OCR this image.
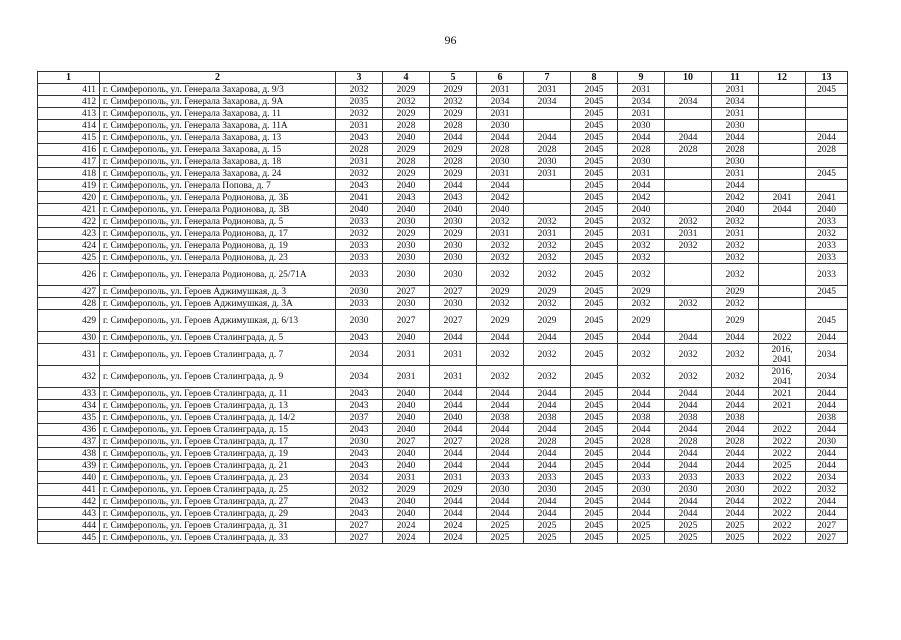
96
1	2	3	4	5	6	7	8	9	10	11	12	13
411	г. Симферополь, ул. Генерала Захарова, д. 9/3	2032	2029	2029	2031	2031	2045	2031		2031		2045
412	г. Симферополь, ул. Генерала Захарова, д. 9А	2035	2032	2032	2034	2034	2045	2034	2034	2034		
413	г. Симферополь, ул. Генерала Захарова, д. 11	2032	2029	2029	2031		2045	2031		2031		
414	г. Симферополь, ул. Генерала Захарова, д. 11А	2031	2028	2028	2030		2045	2030		2030		
415	г. Симферополь, ул. Генерала Захарова, д. 13	2043	2040	2044	2044	2044	2045	2044	2044	2044		2044
416	г. Симферополь, ул. Генерала Захарова, д. 15	2028	2029	2029	2028	2028	2045	2028	2028	2028		2028
417	г. Симферополь, ул. Генерала Захарова, д. 18	2031	2028	2028	2030	2030	2045	2030		2030		
418	г. Симферополь, ул. Генерала Захарова, д. 24	2032	2029	2029	2031	2031	2045	2031		2031		2045
419	г. Симферополь, ул. Генерала Попова, д. 7	2043	2040	2044	2044		2045	2044		2044		
420	г. Симферополь, ул. Генерала Родионова, д. 3Б	2041	2043	2043	2042		2045	2042		2042	2041	2041
421	г. Симферополь, ул. Генерала Родионова, д. 3В	2040	2040	2040	2040		2045	2040		2040	2044	2040
422	г. Симферополь, ул. Генерала Родионова, д. 5	2033	2030	2030	2032	2032	2045	2032	2032	2032		2033
423	г. Симферополь, ул. Генерала Родионова, д. 17	2032	2029	2029	2031	2031	2045	2031	2031	2031		2032
424	г. Симферополь, ул. Генерала Родионова, д. 19	2033	2030	2030	2032	2032	2045	2032	2032	2032		2033
425	г. Симферополь, ул. Генерала Родионова, д. 23	2033	2030	2030	2032	2032	2045	2032		2032		2033
426	г. Симферополь, ул. Генерала Родионова, д. 25/71А	2033	2030	2030	2032	2032	2045	2032		2032		2033
427	г. Симферополь, ул. Героев Аджимушкая, д. 3	2030	2027	2027	2029	2029	2045	2029		2029		2045
428	г. Симферополь, ул. Героев Аджимушкая, д. 3А	2033	2030	2030	2032	2032	2045	2032	2032	2032		
429	г. Симферополь, ул. Героев Аджимушкая, д. 6/13	2030	2027	2027	2029	2029	2045	2029		2029		2045
430	г. Симферополь, ул. Героев Сталинграда, д. 5	2043	2040	2044	2044	2044	2045	2044	2044	2044	2022	2044
431	г. Симферополь, ул. Героев Сталинграда, д. 7	2034	2031	2031	2032	2032	2045	2032	2032	2032	2016, 2041	2034
432	г. Симферополь, ул. Героев Сталинграда, д. 9	2034	2031	2031	2032	2032	2045	2032	2032	2032	2016, 2041	2034
433	г. Симферополь, ул. Героев Сталинграда, д. 11	2043	2040	2044	2044	2044	2045	2044	2044	2044	2021	2044
434	г. Симферополь, ул. Героев Сталинграда, д. 13	2043	2040	2044	2044	2044	2045	2044	2044	2044	2021	2044
435	г. Симферополь, ул. Героев Сталинграда, д. 14/2	2037	2040	2040	2038	2038	2045	2038	2038	2038		2038
436	г. Симферополь, ул. Героев Сталинграда, д. 15	2043	2040	2044	2044	2044	2045	2044	2044	2044	2022	2044
437	г. Симферополь, ул. Героев Сталинграда, д. 17	2030	2027	2027	2028	2028	2045	2028	2028	2028	2022	2030
438	г. Симферополь, ул. Героев Сталинграда, д. 19	2043	2040	2044	2044	2044	2045	2044	2044	2044	2022	2044
439	г. Симферополь, ул. Героев Сталинграда, д. 21	2043	2040	2044	2044	2044	2045	2044	2044	2044	2025	2044
440	г. Симферополь, ул. Героев Сталинграда, д. 23	2034	2031	2031	2033	2033	2045	2033	2033	2033	2022	2034
441	г. Симферополь, ул. Героев Сталинграда, д. 25	2032	2029	2029	2030	2030	2045	2030	2030	2030	2022	2032
442	г. Симферополь, ул. Героев Сталинграда, д. 27	2043	2040	2044	2044	2044	2045	2044	2044	2044	2022	2044
443	г. Симферополь, ул. Героев Сталинграда, д. 29	2043	2040	2044	2044	2044	2045	2044	2044	2044	2022	2044
444	г. Симферополь, ул. Героев Сталинграда, д. 31	2027	2024	2024	2025	2025	2045	2025	2025	2025	2022	2027
445	г. Симферополь, ул. Героев Сталинграда, д. 33	2027	2024	2024	2025	2025	2045	2025	2025	2025	2022	2027
